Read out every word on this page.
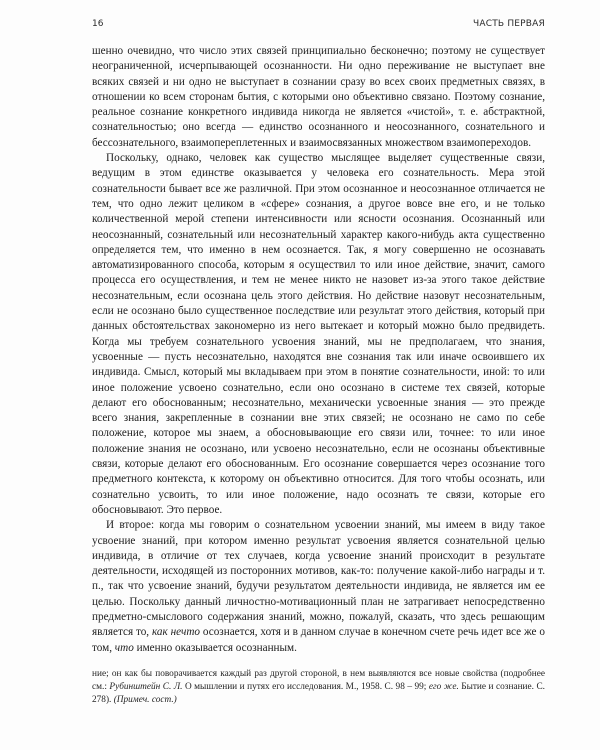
16	ЧАСТЬ ПЕРВАЯ

шенно очевидно, что число этих связей принципиально бесконечно; поэтому не существует неограниченной, исчерпывающей осознанности. Ни одно переживание не выступает вне всяких связей и ни одно не выступает в сознании сразу во всех своих предметных связях, в отношении ко всем сторонам бытия, с которыми оно объективно связано. Поэтому сознание, реальное сознание конкретного индивида никогда не является «чистой», т. е. абстрактной, сознательностью; оно всегда — единство осознанного и неосознанного, сознательного и бессознательного, взаимопереплетенных и взаимосвязанных множеством взаимопереходов.

Поскольку, однако, человек как существо мыслящее выделяет существенные связи, ведущим в этом единстве оказывается у человека его сознательность. Мера этой сознательности бывает все же различной. При этом осознанное и неосознанное отличается не тем, что одно лежит целиком в «сфере» сознания, а другое вовсе вне его, и не только количественной мерой степени интенсивности или ясности осознания. Осознанный или неосознанный, сознательный или несознательный характер какого-нибудь акта существенно определяется тем, что именно в нем осознается. Так, я могу совершенно не осознавать автоматизированного способа, которым я осуществил то или иное действие, значит, самого процесса его осуществления, и тем не менее никто не назовет из-за этого такое действие несознательным, если осознана цель этого действия. Но действие назовут несознательным, если не осознано было существенное последствие или результат этого действия, который при данных обстоятельствах закономерно из него вытекает и который можно было предвидеть. Когда мы требуем сознательного усвоения знаний, мы не предполагаем, что знания, усвоенные — пусть несознательно, находятся вне сознания так или иначе освоившего их индивида. Смысл, который мы вкладываем при этом в понятие сознательности, иной: то или иное положение усвоено сознательно, если оно осознано в системе тех связей, которые делают его обоснованным; несознательно, механически усвоенные знания — это прежде всего знания, закрепленные в сознании вне этих связей; не осознано не само по себе положение, которое мы знаем, а обосновывающие его связи или, точнее: то или иное положение знания не осознано, или усвоено несознательно, если не осознаны объективные связи, которые делают его обоснованным. Его осознание совершается через осознание того предметного контекста, к которому он объективно относится. Для того чтобы осознать, или сознательно усвоить, то или иное положение, надо осознать те связи, которые его обосновывают. Это первое.

И второе: когда мы говорим о сознательном усвоении знаний, мы имеем в виду такое усвоение знаний, при котором именно результат усвоения является сознательной целью индивида, в отличие от тех случаев, когда усвоение знаний происходит в результате деятельности, исходящей из посторонних мотивов, как-то: получение какой-либо награды и т. п., так что усвоение знаний, будучи результатом деятельности индивида, не является им ее целью. Поскольку данный личностно-мотивационный план не затрагивает непосредственно предметно-смыслового содержания знаний, можно, пожалуй, сказать, что здесь решающим является то, как нечто осознается, хотя и в данном случае в конечном счете речь идет все же о том, что именно оказывается осознанным.

ние; он как бы поворачивается каждый раз другой стороной, в нем выявляются все новые свойства (подробнее см.: Рубинштейн С. Л. О мышлении и путях его исследования. М., 1958. С. 98 – 99; его же. Бытие и сознание. С. 278). (Примеч. сост.)
